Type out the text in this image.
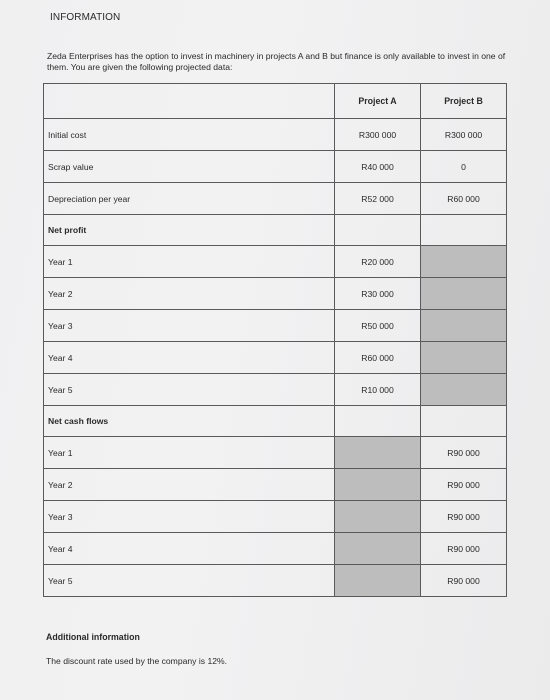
INFORMATION
Zeda Enterprises has the option to invest in machinery in projects A and B but finance is only available to invest in one of them. You are given the following projected data:
	Project A	Project B
Initial cost	R300 000	R300 000
Scrap value	R40 000	0
Depreciation per year	R52 000	R60 000
Net profit		
Year 1	R20 000	
Year 2	R30 000	
Year 3	R50 000	
Year 4	R60 000	
Year 5	R10 000	
Net cash flows		
Year 1		R90 000
Year 2		R90 000
Year 3		R90 000
Year 4		R90 000
Year 5		R90 000
Additional information
The discount rate used by the company is 12%.
